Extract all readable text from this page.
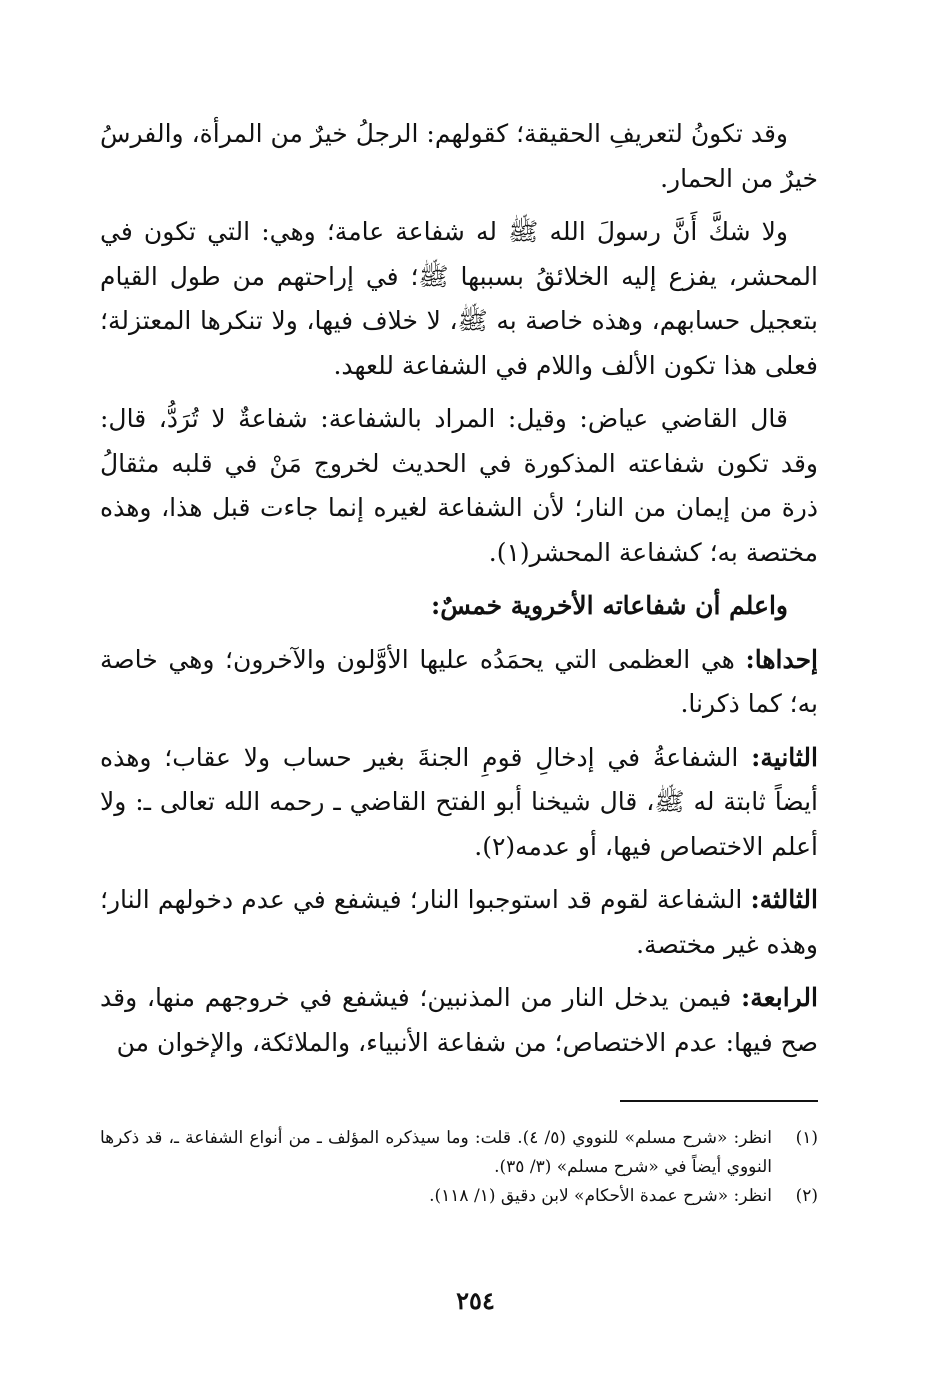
وقد تكونُ لتعريفِ الحقيقة؛ كقولهم: الرجلُ خيرٌ من المرأة، والفرسُ خيرٌ من الحمار.

ولا شكَّ أَنَّ رسولَ الله ﷺ له شفاعة عامة؛ وهي: التي تكون في المحشر، يفزع إليه الخلائقُ بسببها ﷺ؛ في إراحتهم من طول القيام بتعجيل حسابهم، وهذه خاصة به ﷺ، لا خلاف فيها، ولا تنكرها المعتزلة؛ فعلى هذا تكون الألف واللام في الشفاعة للعهد.

قال القاضي عياض: وقيل: المراد بالشفاعة: شفاعةٌ لا تُرَدُّ، قال: وقد تكون شفاعته المذكورة في الحديث لخروج مَنْ في قلبه مثقالُ ذرة من إيمان من النار؛ لأن الشفاعة لغيره إنما جاءت قبل هذا، وهذه مختصة به؛ كشفاعة المحشر(١).

واعلم أن شفاعاته الأخروية خمسٌ:

إحداها: هي العظمى التي يحمَدُه عليها الأوَّلون والآخرون؛ وهي خاصة به؛ كما ذكرنا.

الثانية: الشفاعةُ في إدخالِ قومِ الجنةَ بغير حساب ولا عقاب؛ وهذه أيضاً ثابتة له ﷺ، قال شيخنا أبو الفتح القاضي ـ رحمه الله تعالى ـ: ولا أعلم الاختصاص فيها، أو عدمه(٢).

الثالثة: الشفاعة لقوم قد استوجبوا النار؛ فيشفع في عدم دخولهم النار؛ وهذه غير مختصة.

الرابعة: فيمن يدخل النار من المذنبين؛ فيشفع في خروجهم منها، وقد صح فيها: عدم الاختصاص؛ من شفاعة الأنبياء، والملائكة، والإخوان من

(١)
انظر: «شرح مسلم» للنووي (٥/ ٤). قلت: وما سيذكره المؤلف ـ من أنواع الشفاعة ـ، قد ذكرها النووي أيضاً في «شرح مسلم» (٣/ ٣٥).

(٢)
انظر: «شرح عمدة الأحكام» لابن دقيق (١/ ١١٨).

٢٥٤
